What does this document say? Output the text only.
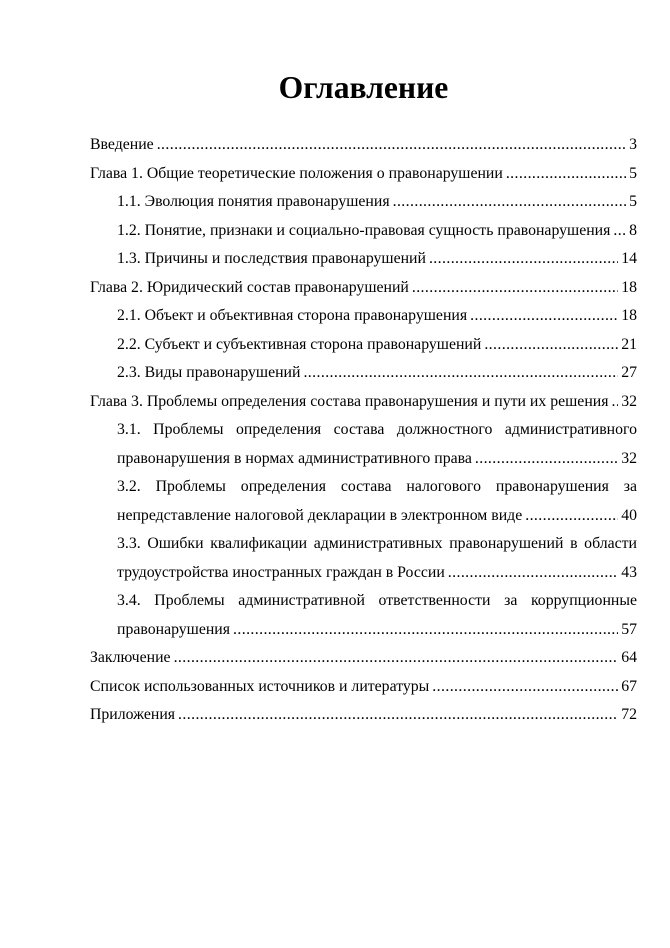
Оглавление
Введение .....	3
Глава 1. Общие теоретические положения о правонарушении .....	5
1.1. Эволюция понятия правонарушения .....	5
1.2. Понятие, признаки и социально-правовая сущность правонарушения ..... 8
1.3. Причины и последствия правонарушений .....	14
Глава 2. Юридический состав правонарушений .....	18
2.1. Объект и объективная сторона правонарушения .....	18
2.2. Субъект и субъективная сторона правонарушений .....	21
2.3. Виды правонарушений .....	27
Глава 3. Проблемы определения состава правонарушения и пути их решения ..... 32
3.1. Проблемы определения состава должностного административного
правонарушения в нормах административного права .....	32
3.2. Проблемы определения состава налогового правонарушения за
непредставление налоговой декларации в электронном виде .....	40
3.3. Ошибки квалификации административных правонарушений в области
трудоустройства иностранных граждан в России .....	43
3.4. Проблемы административной ответственности за коррупционные
правонарушения .....	57
Заключение .....	64
Список использованных источников и литературы .....	67
Приложения .....	72
